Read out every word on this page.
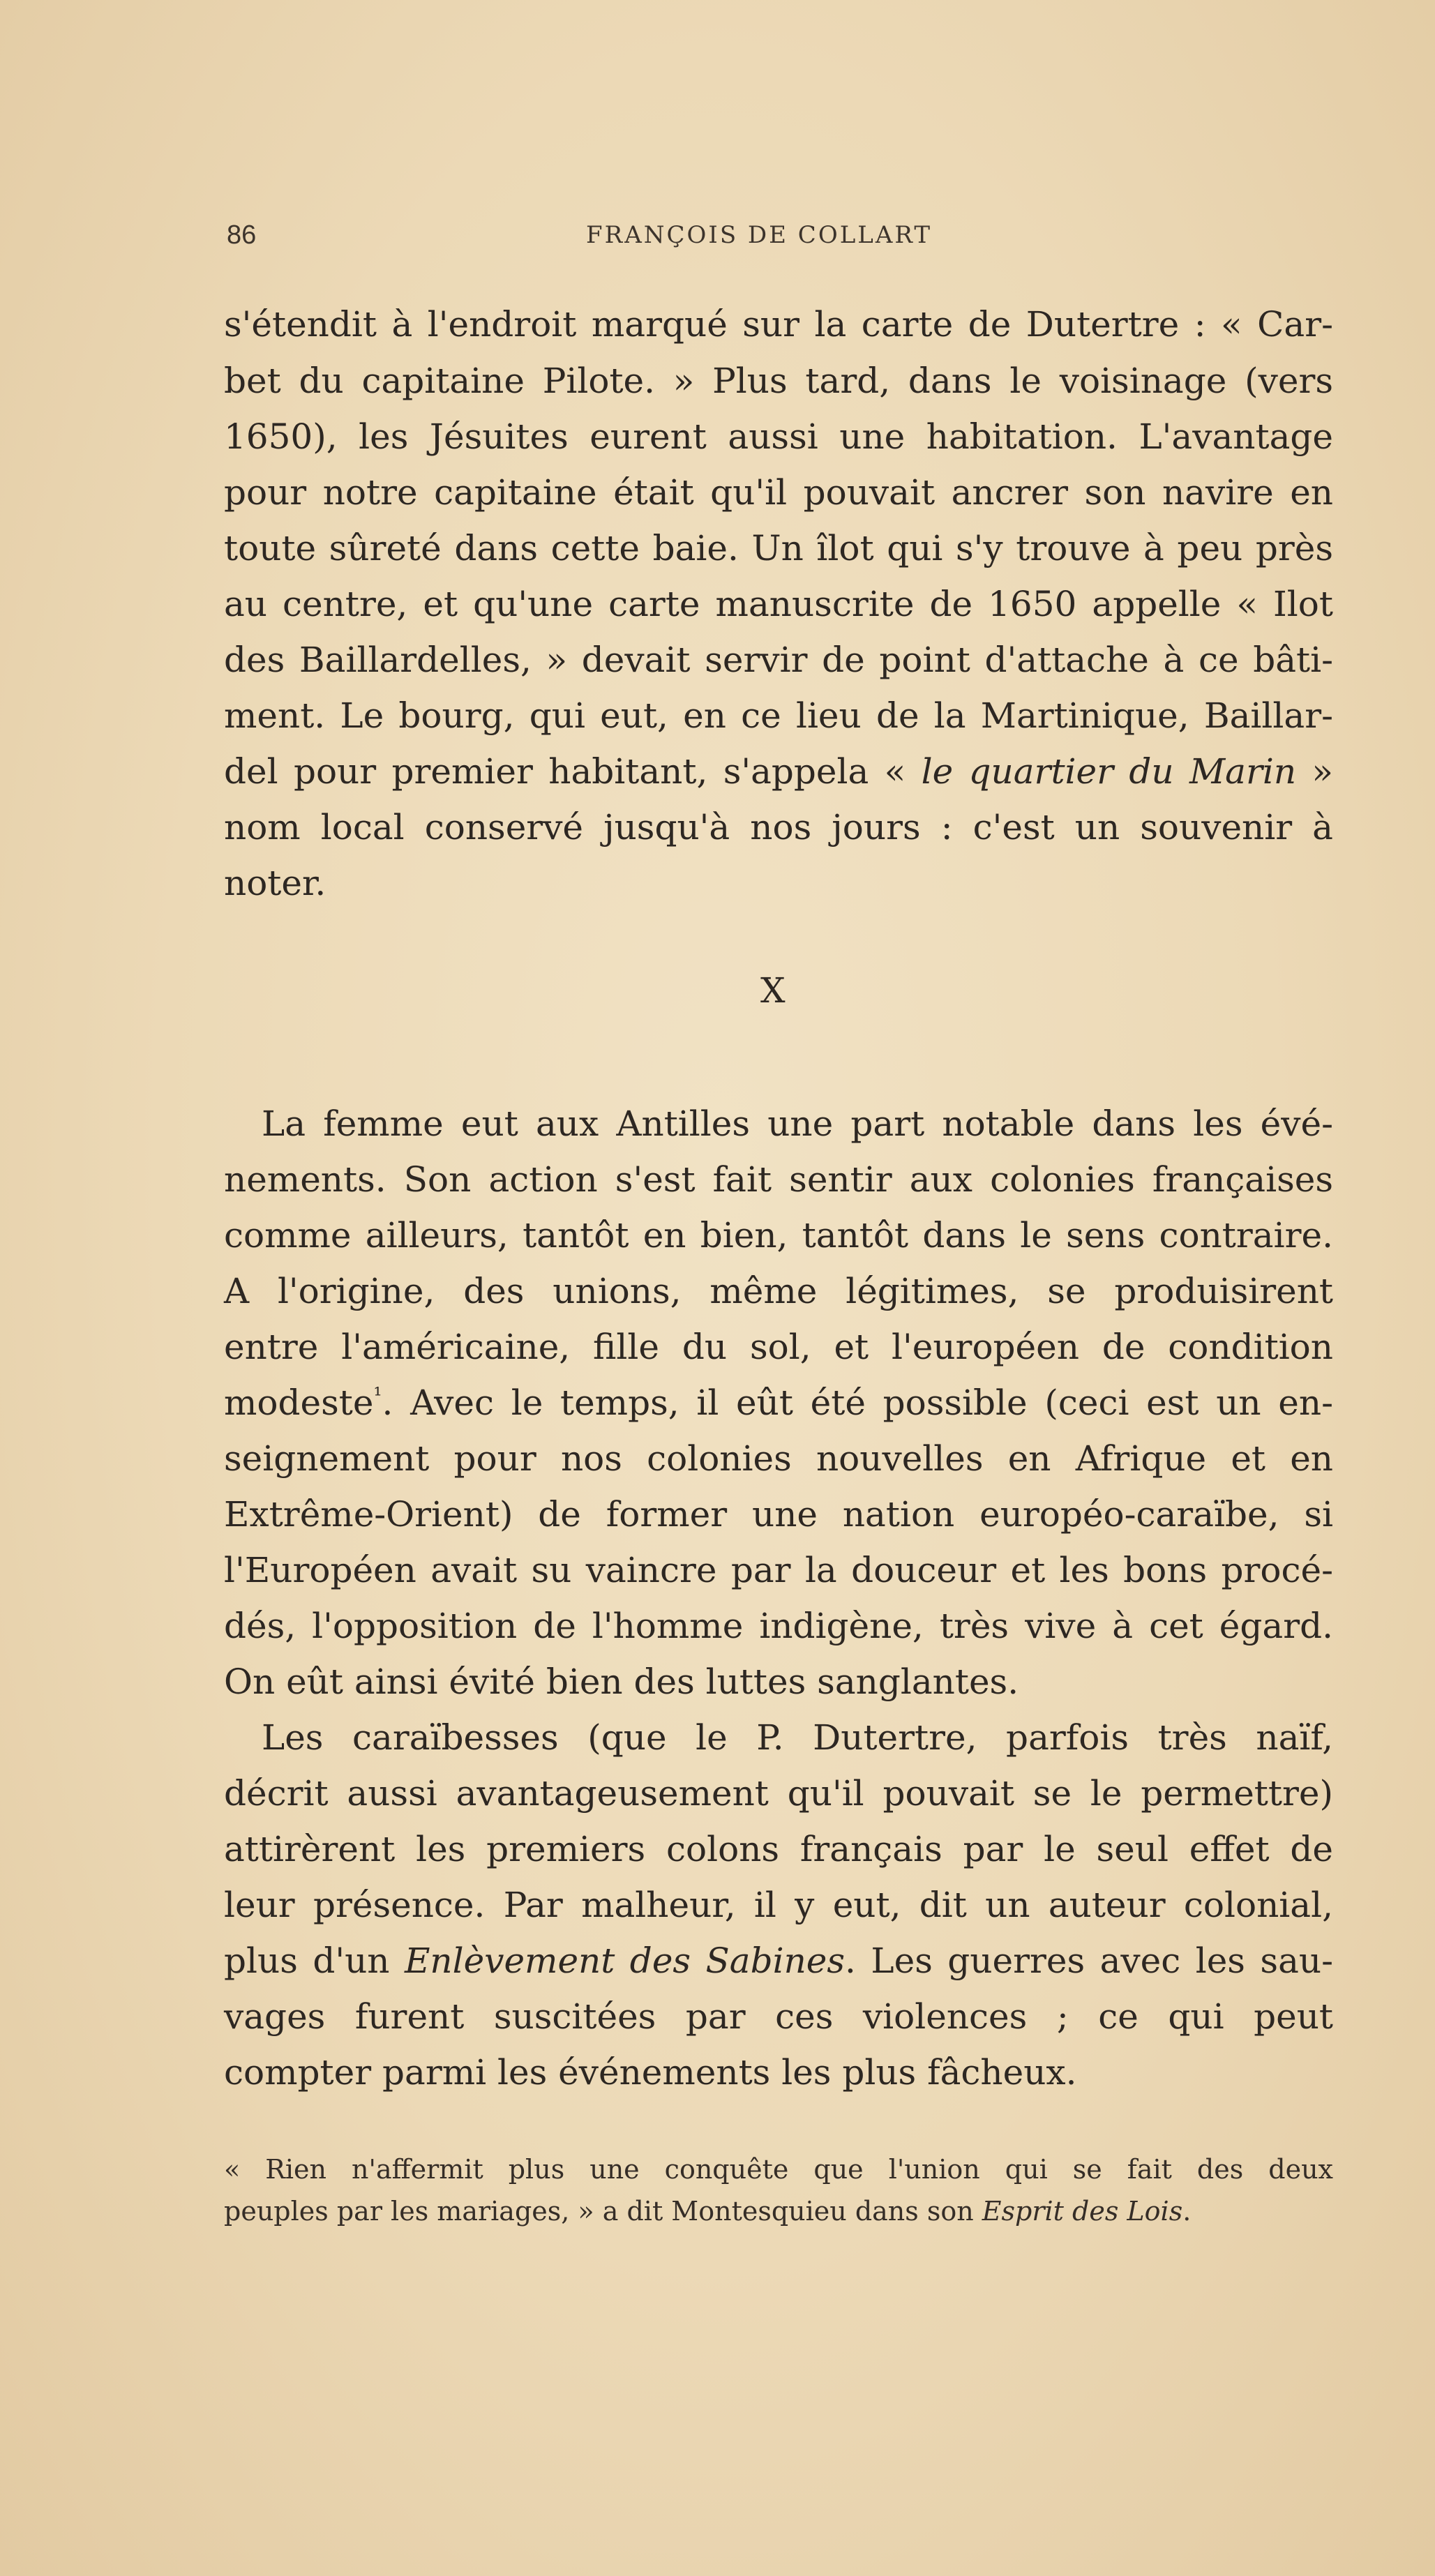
86	FRANÇOIS DE COLLART
s'étendit à l'endroit marqué sur la carte de Dutertre : « Car-
bet du capitaine Pilote. » Plus tard, dans le voisinage (vers
1650), les Jésuites eurent aussi une habitation. L'avantage
pour notre capitaine était qu'il pouvait ancrer son navire en
toute sûreté dans cette baie. Un îlot qui s'y trouve à peu près
au centre, et qu'une carte manuscrite de 1650 appelle « Ilot
des Baillardelles, » devait servir de point d'attache à ce bâti-
ment. Le bourg, qui eut, en ce lieu de la Martinique, Baillar-
del pour premier habitant, s'appela « le quartier du Marin »
nom local conservé jusqu'à nos jours : c'est un souvenir à
noter.
X
La femme eut aux Antilles une part notable dans les évé-
nements. Son action s'est fait sentir aux colonies françaises
comme ailleurs, tantôt en bien, tantôt dans le sens contraire.
A l'origine, des unions, même légitimes, se produisirent
entre l'américaine, fille du sol, et l'européen de condition
modeste$^{^1}$. Avec le temps, il eût été possible (ceci est un en-
seignement pour nos colonies nouvelles en Afrique et en
Extrême-Orient) de former une nation européo-caraïbe, si
l'Européen avait su vaincre par la douceur et les bons procé-
dés, l'opposition de l'homme indigène, très vive à cet égard.
On eût ainsi évité bien des luttes sanglantes.
Les caraïbesses (que le P. Dutertre, parfois très naïf,
décrit aussi avantageusement qu'il pouvait se le permettre)
attirèrent les premiers colons français par le seul effet de
leur présence. Par malheur, il y eut, dit un auteur colonial,
plus d'un Enlèvement des Sabines. Les guerres avec les sau-
vages furent suscitées par ces violences ; ce qui peut
compter parmi les événements les plus fâcheux.
« Rien n'affermit plus une conquête que l'union qui se fait des deux
peuples par les mariages, » a dit Montesquieu dans son Esprit des Lois.
